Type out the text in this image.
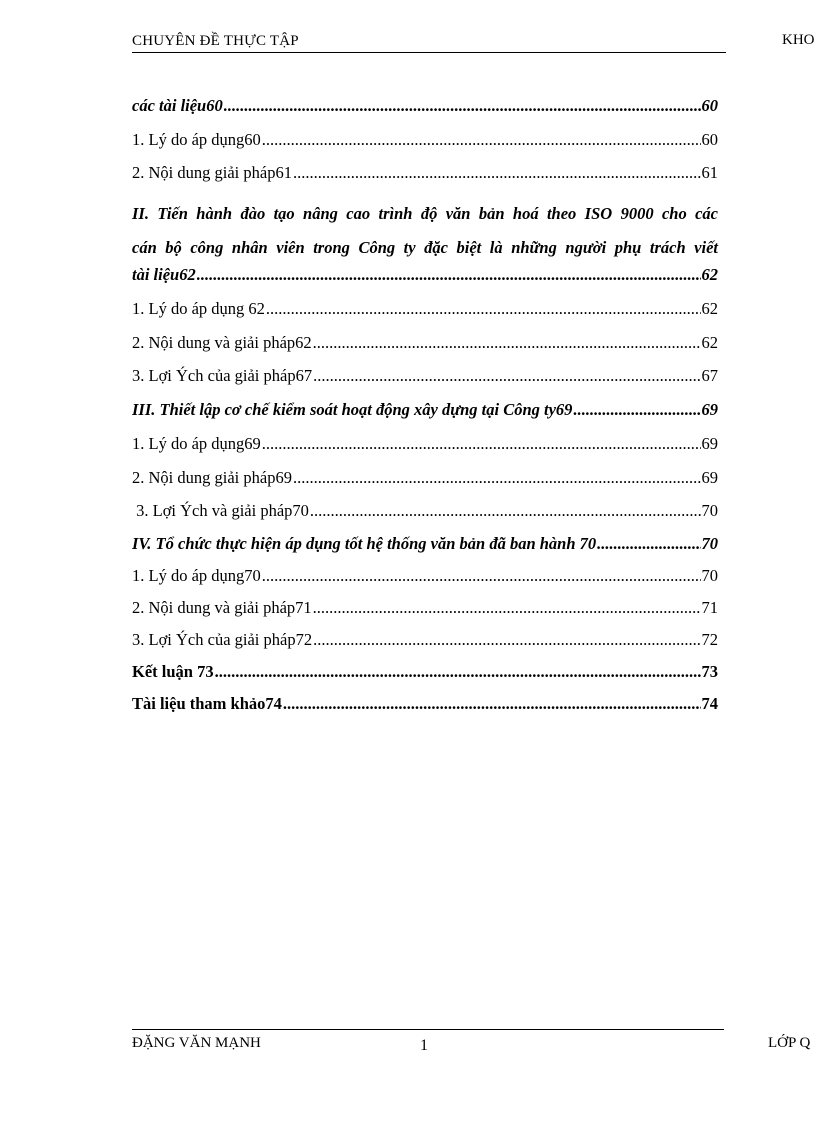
CHUYÊN ĐỀ THỰC TẬP	KHO
các tài liệu60 .....	60
1. Lý do áp dụng60 .....	60
2. Nội dung giải pháp61 .....	61
II. Tiến hành đào tạo nâng cao trình độ văn bản hoá theo ISO 9000 cho các
cán bộ công nhân viên trong Công ty đặc biệt là những người phụ trách viết
tài liệu62 .....	62
1. Lý do áp dụng 62 .....	62
2. Nội dung và giải pháp62 .....	62
3. Lợi Ých của giải pháp67 .....	67
III. Thiết lập cơ chế kiểm soát hoạt động xây dựng tại Công ty69 .....	69
1. Lý do áp dụng69 .....	69
2. Nội dung giải pháp69 .....	69
3. Lợi Ých và giải pháp70 .....	70
IV. Tổ chức thực hiện áp dụng tốt hệ thống văn bản đã ban hành 70 .....	70
1. Lý do áp dụng70 .....	70
2. Nội dung và giải pháp71 .....	71
3. Lợi Ých của giải pháp72 .....	72
Kết luận 73 .....	73
Tài liệu tham khảo74 .....	74
ĐẶNG VĂN MẠNH	1	LỚP Q
